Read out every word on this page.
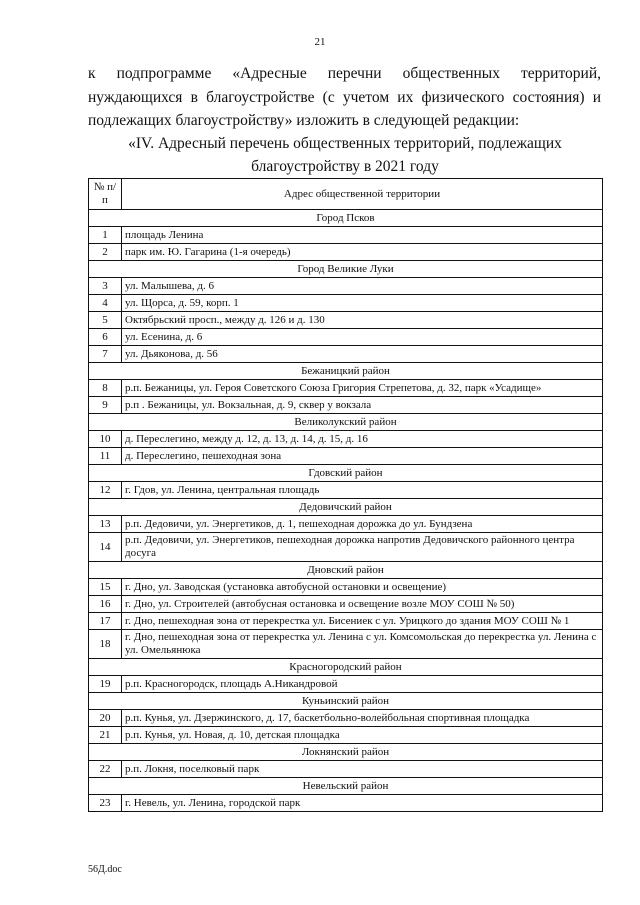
21
к подпрограмме «Адресные перечни общественных территорий, нуждающихся в благоустройстве (с учетом их физического состояния) и подлежащих благоустройству» изложить в следующей редакции:
«IV. Адресный перечень общественных территорий, подлежащих благоустройству в 2021 году
№ п/п	Адрес общественной территории
Город Псков	
1	площадь Ленина
2	парк им. Ю. Гагарина (1-я очередь)
Город Великие Луки	
3	ул. Малышева, д. 6
4	ул. Щорса, д. 59, корп. 1
5	Октябрьский просп., между д. 126 и д. 130
6	ул. Есенина, д. 6
7	ул. Дьяконова, д. 56
Бежаницкий район	
8	р.п. Бежаницы, ул. Героя Советского Союза Григория Стрепетова, д. 32, парк «Усадище»
9	р.п . Бежаницы, ул. Вокзальная, д. 9, сквер у вокзала
Великолукский район	
10	д. Переслегино, между д. 12, д. 13, д. 14, д. 15, д. 16
11	д. Переслегино, пешеходная зона
Гдовский район	
12	г. Гдов, ул. Ленина, центральная площадь
Дедовичский район	
13	р.п. Дедовичи, ул. Энергетиков, д. 1, пешеходная дорожка до ул. Бундзена
14	р.п. Дедовичи, ул. Энергетиков, пешеходная дорожка напротив Дедовичского районного центра досуга
Дновский район	
15	г. Дно, ул. Заводская (установка автобусной остановки и освещение)
16	г. Дно, ул. Строителей (автобусная остановка и освещение возле МОУ СОШ № 50)
17	г. Дно, пешеходная зона от перекрестка ул. Бисениек с ул. Урицкого до здания МОУ СОШ № 1
18	г. Дно, пешеходная зона от перекрестка ул. Ленина с ул. Комсомольская до перекрестка ул. Ленина с ул. Омельянюка
Красногородский район	
19	р.п. Красногородск, площадь А.Никандровой
Куньинский район	
20	р.п. Кунья, ул. Дзержинского, д. 17, баскетбольно-волейбольная спортивная площадка
21	р.п. Кунья, ул. Новая, д. 10, детская площадка
Локнянский район	
22	р.п. Локня, поселковый парк
Невельский район	
23	г. Невель, ул. Ленина, городской парк
56Д.doc
